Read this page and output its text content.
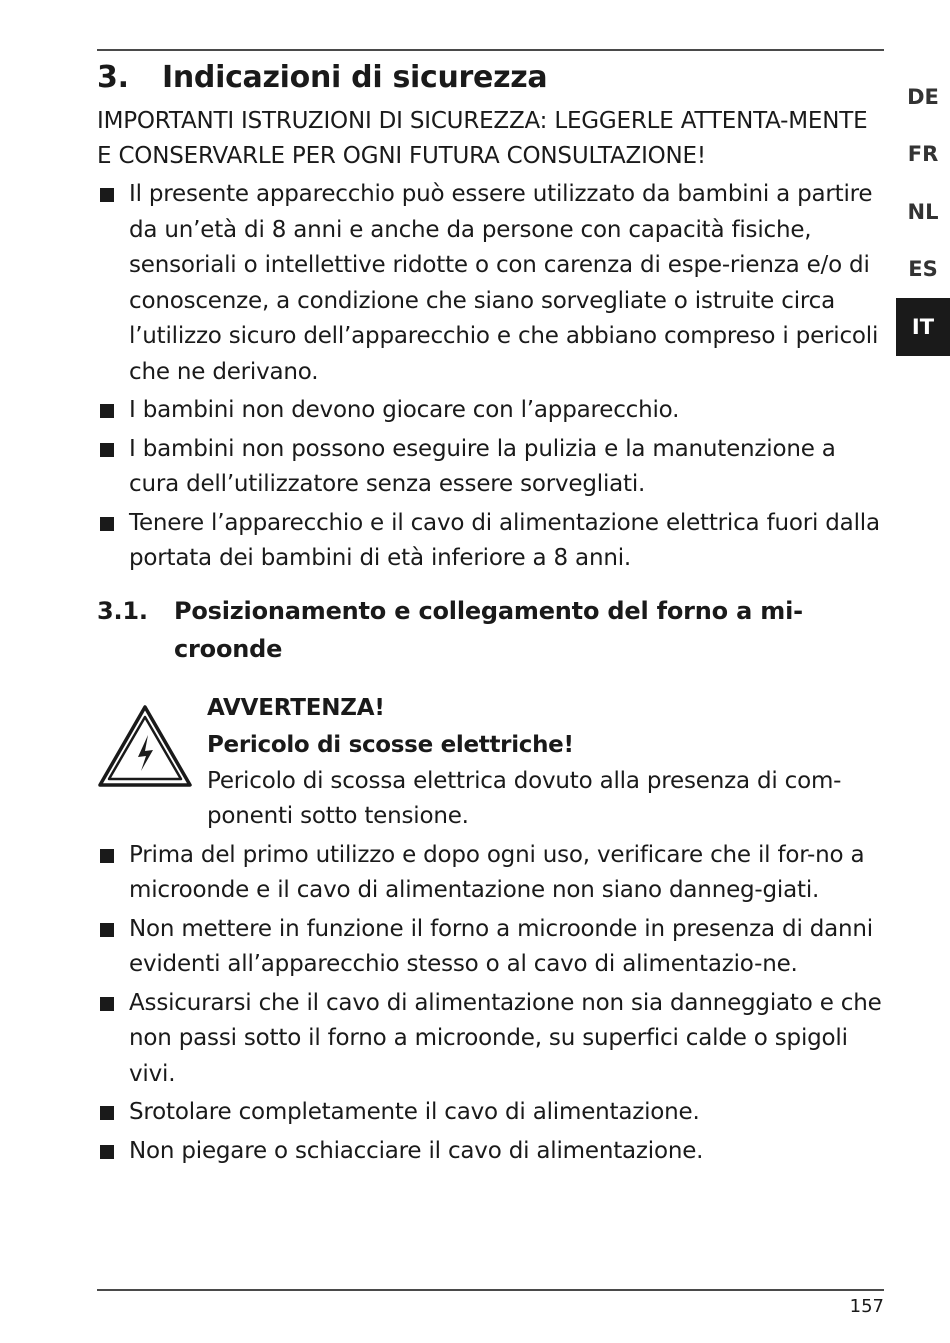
3.	Indicazioni di sicurezza

IMPORTANTI ISTRUZIONI DI SICUREZZA: LEGGERLE ATTENTA-MENTE E CONSERVARLE PER OGNI FUTURA CONSULTAZIONE!

Il presente apparecchio può essere utilizzato da bambini a partire da un’età di 8 anni e anche da persone con capacità fisiche, sensoriali o intellettive ridotte o con carenza di espe-rienza e/o di conoscenze, a condizione che siano sorvegliate o istruite circa l’utilizzo sicuro dell’apparecchio e che abbiano compreso i pericoli che ne derivano.
I bambini non devono giocare con l’apparecchio.
I bambini non possono eseguire la pulizia e la manutenzione a cura dell’utilizzatore senza essere sorvegliati.
Tenere l’apparecchio e il cavo di alimentazione elettrica fuori dalla portata dei bambini di età inferiore a 8 anni.
3.1.	Posizionamento e collegamento del forno a mi-croonde
AVVERTENZA!
Pericolo di scosse elettriche!
Pericolo di scossa elettrica dovuto alla presenza di com-ponenti sotto tensione.
Prima del primo utilizzo e dopo ogni uso, verificare che il for-no a microonde e il cavo di alimentazione non siano danneg-giati.
Non mettere in funzione il forno a microonde in presenza di danni evidenti all’apparecchio stesso o al cavo di alimentazio-ne.
Assicurarsi che il cavo di alimentazione non sia danneggiato e che non passi sotto il forno a microonde, su superfici calde o spigoli vivi.
Srotolare completamente il cavo di alimentazione.
Non piegare o schiacciare il cavo di alimentazione.
DE
FR
NL
ES
IT
157
